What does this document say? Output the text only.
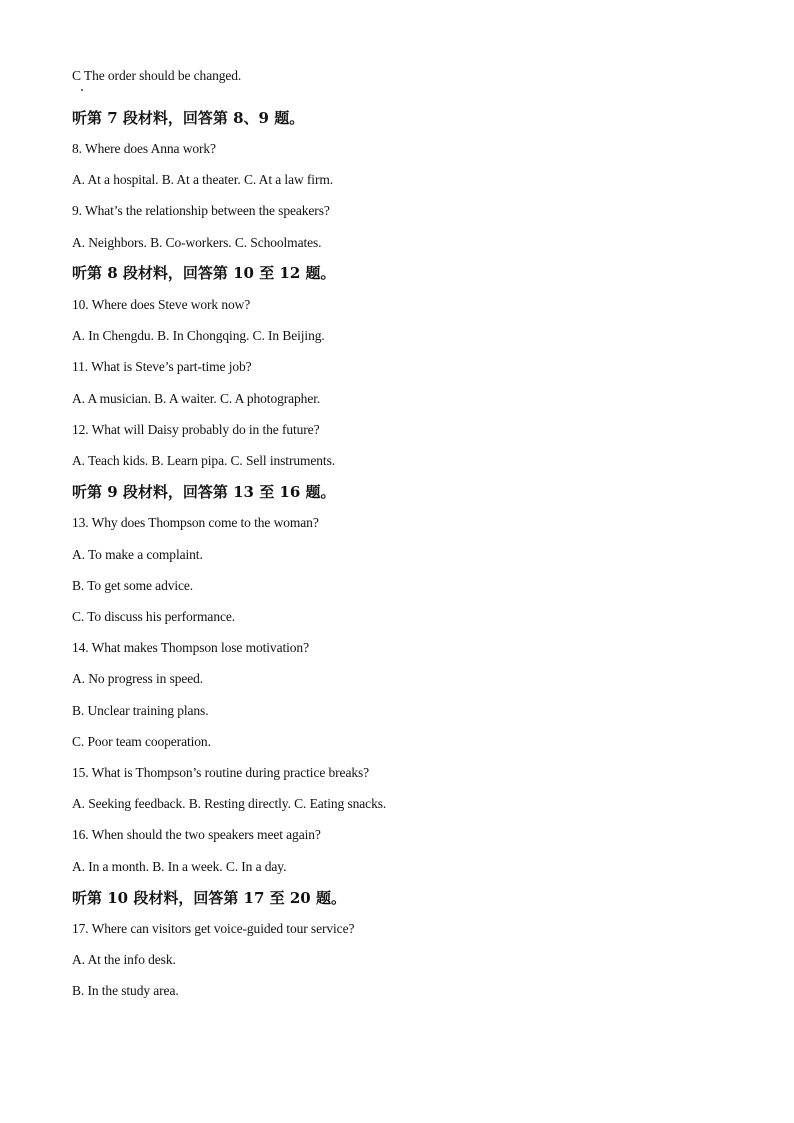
C The order should be changed.
听第 7 段材料，回答第 8、9 题。
8. Where does Anna work?
A. At a hospital. B. At a theater. C. At a law firm.
9. What’s the relationship between the speakers?
A. Neighbors. B. Co-workers. C. Schoolmates.
听第 8 段材料，回答第 10 至 12 题。
10. Where does Steve work now?
A. In Chengdu. B. In Chongqing. C. In Beijing.
11. What is Steve’s part-time job?
A. A musician. B. A waiter. C. A photographer.
12. What will Daisy probably do in the future?
A. Teach kids. B. Learn pipa. C. Sell instruments.
听第 9 段材料，回答第 13 至 16 题。
13. Why does Thompson come to the woman?
A. To make a complaint.
B. To get some advice.
C. To discuss his performance.
14. What makes Thompson lose motivation?
A. No progress in speed.
B. Unclear training plans.
C. Poor team cooperation.
15. What is Thompson’s routine during practice breaks?
A. Seeking feedback. B. Resting directly. C. Eating snacks.
16. When should the two speakers meet again?
A. In a month. B. In a week. C. In a day.
听第 10 段材料，回答第 17 至 20 题。
17. Where can visitors get voice-guided tour service?
A. At the info desk.
B. In the study area.
